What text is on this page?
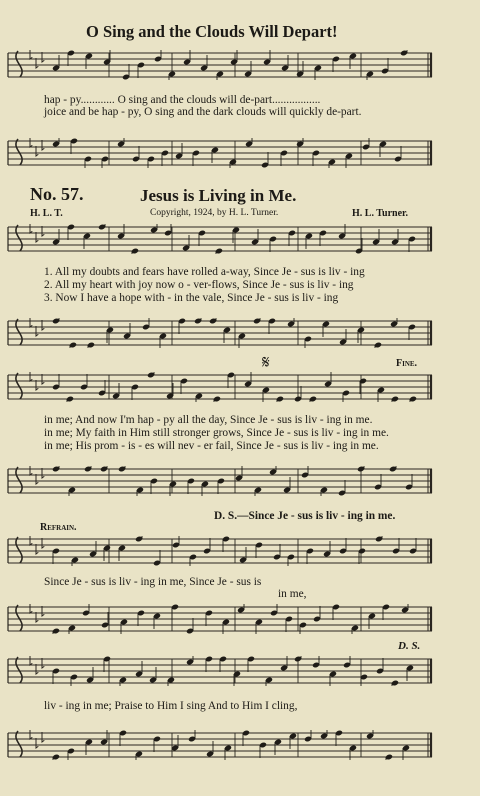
O Sing and the Clouds Will Depart!
hap - py............ O sing and the clouds will de-part.................
joice and be hap - py, O sing and the dark clouds will quickly de-part.
No. 57.	Jesus is Living in Me.
H. L. T.	Copyright, 1924, by H. L. Turner.	H. L. Turner.
1. All my doubts and fears have rolled a-way, Since Je - sus is liv - ing
2. All my heart with joy now o - ver-flows, Since Je - sus is liv - ing
3. Now I have a hope with - in the vale, Since Je - sus is liv - ing
𝄋	Fine.
in me; And now I'm hap - py all the day, Since Je - sus is liv - ing in me.
in me; My faith in Him still stronger grows, Since Je - sus is liv - ing in me.
in me; His prom - is - es will nev - er fail, Since Je - sus is liv - ing in me.
D. S.—Since Je - sus is liv - ing in me.
Refrain.
Since Je - sus is liv - ing in me, Since Je - sus is
in me,
D. S.
liv - ing in me; Praise to Him I sing And to Him I cling,
